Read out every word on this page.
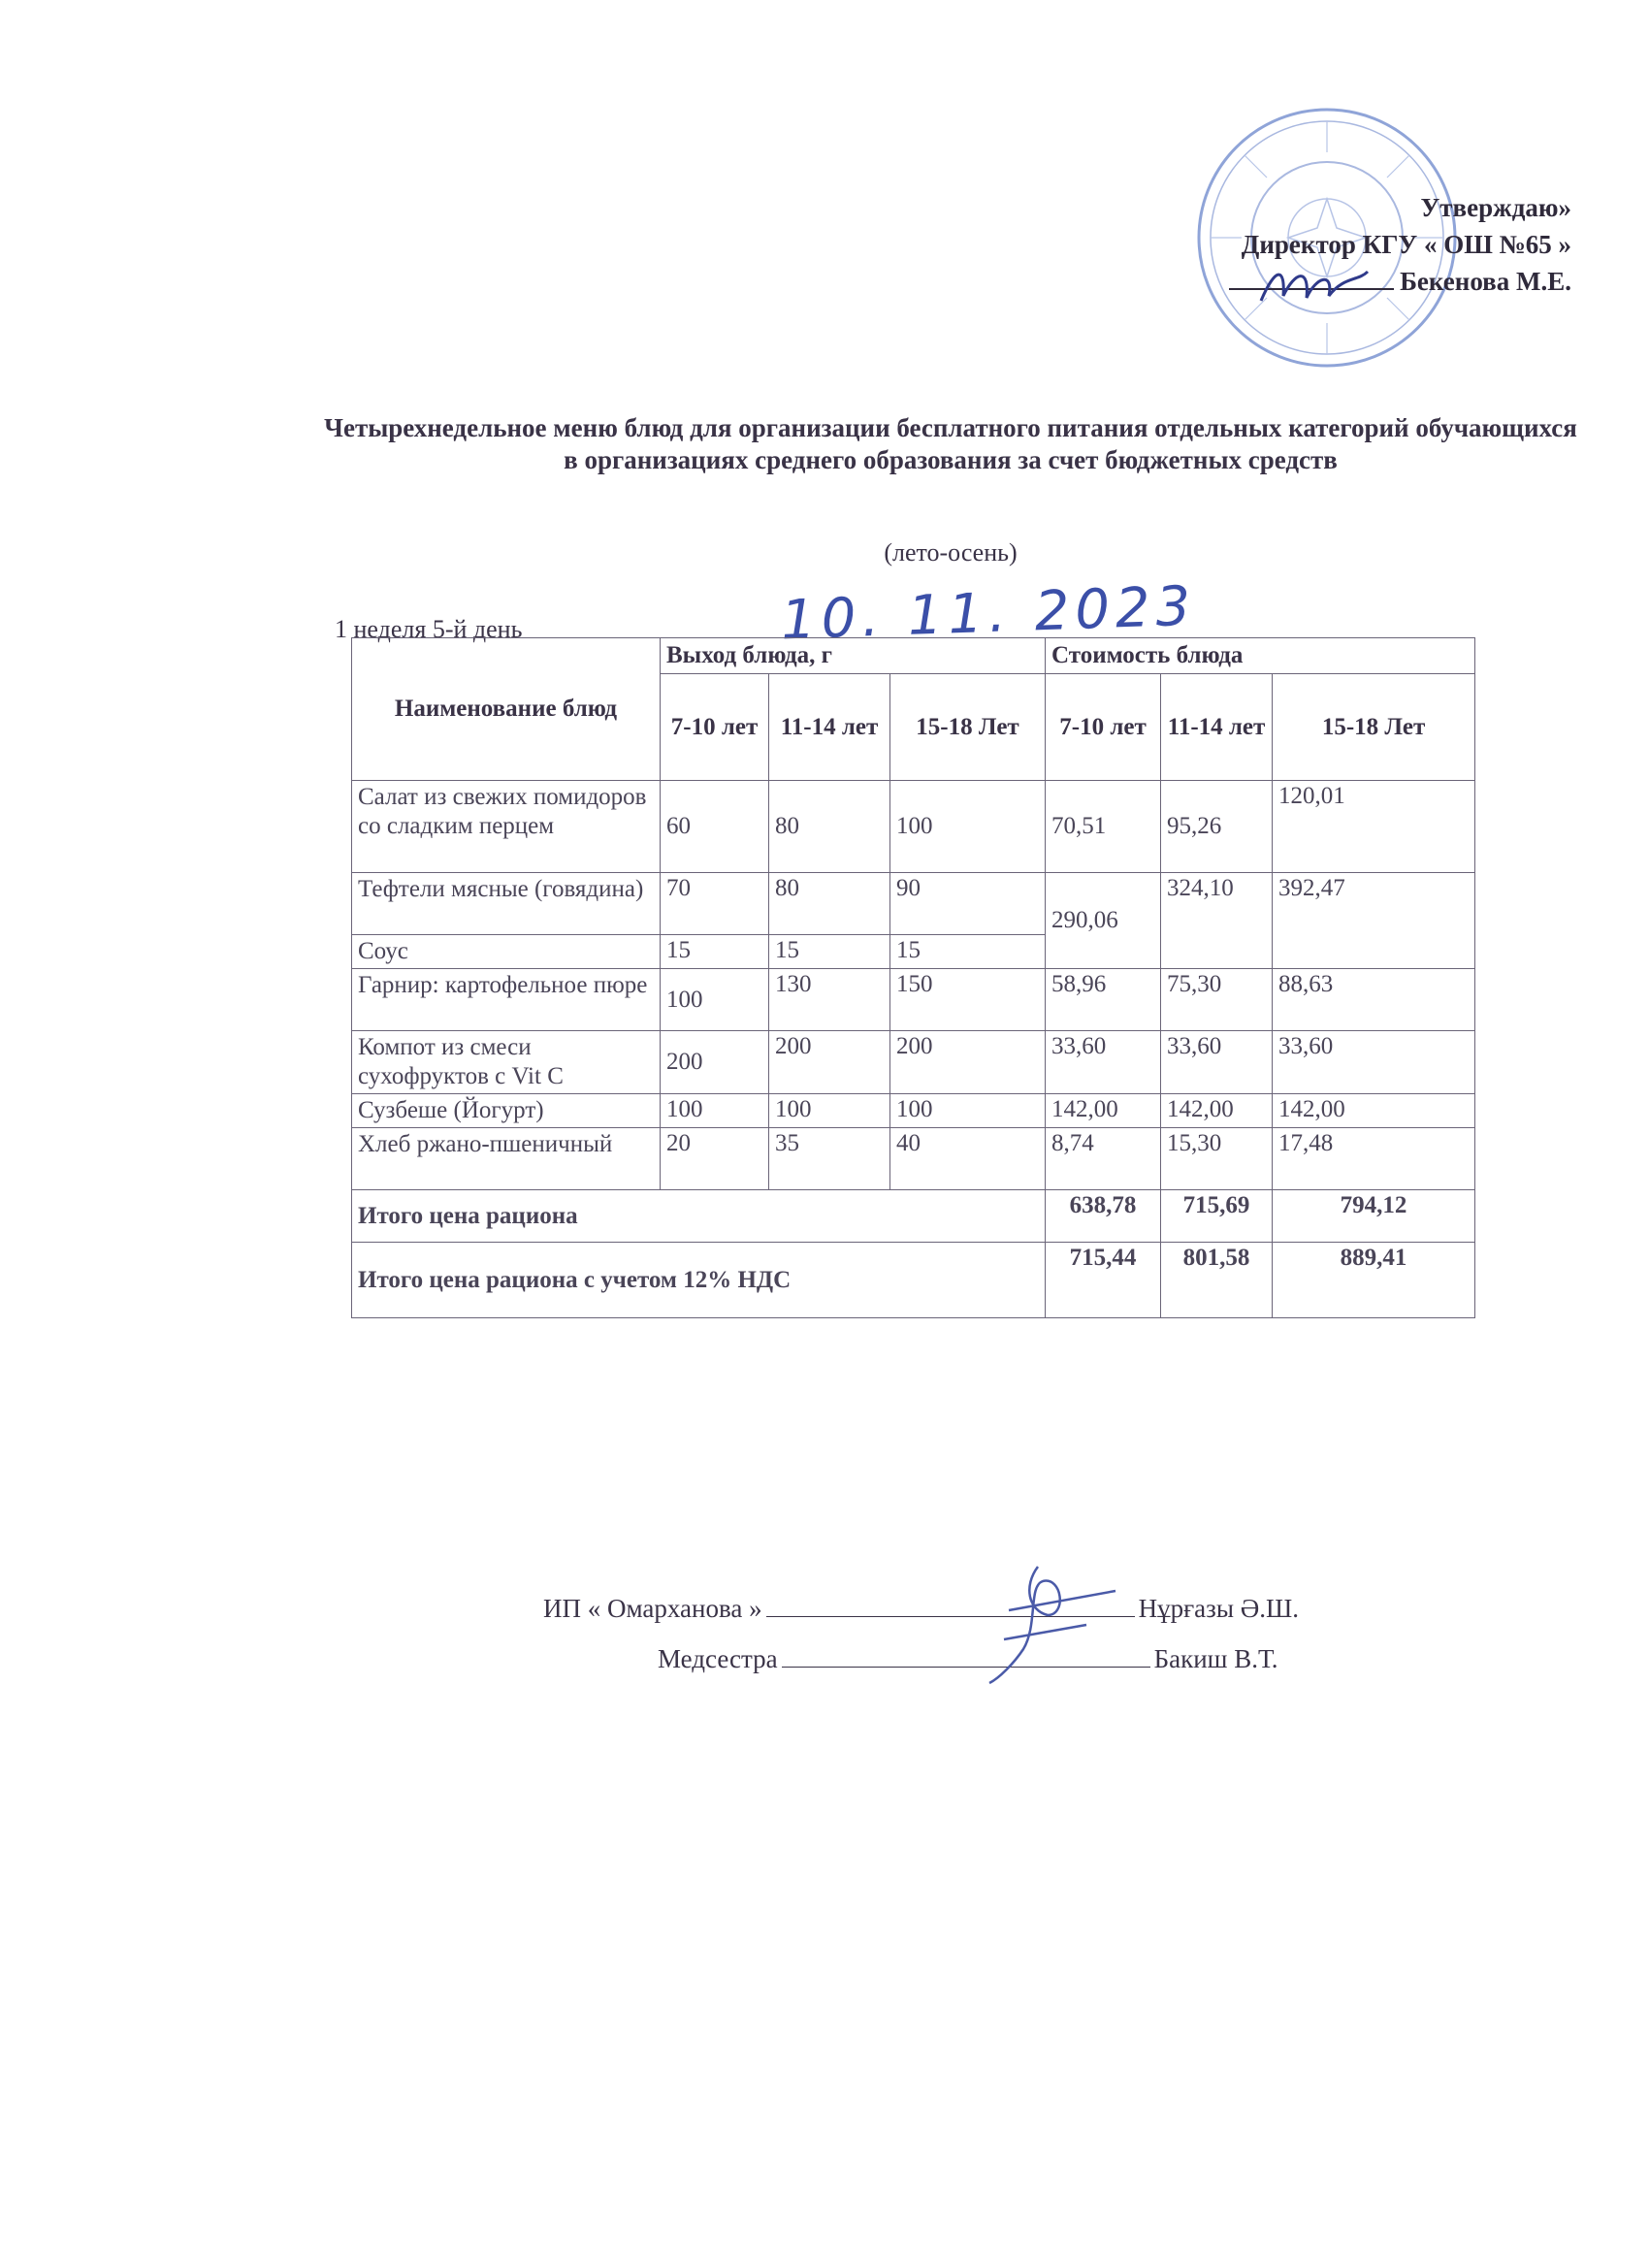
Утверждаю»
Директор КГУ « ОШ №65 »
Бекенова М.Е.
Четырехнедельное меню блюд для организации бесплатного питания отдельных категорий обучающихся в организациях среднего образования за счет бюджетных средств
(лето-осень)
1 неделя 5-й день	10. 11. 2023
Наименование блюд	Выход блюда, г			Стоимость блюда		
	7-10 лет	11-14 лет	15-18 Лет	7-10 лет	11-14 лет	15-18 Лет
Салат из свежих помидоров со сладким перцем	60	80	100	70,51	95,26	120,01
Тефтели мясные (говядина)	70	80	90	290,06	324,10	392,47
Соус	15	15	15			
Гарнир: картофельное пюре	100	130	150	58,96	75,30	88,63
Компот из смеси сухофруктов с Vit C	200	200	200	33,60	33,60	33,60
Сузбеше (Йогурт)	100	100	100	142,00	142,00	142,00
Хлеб ржано-пшеничный	20	35	40	8,74	15,30	17,48
Итого цена рациона				638,78	715,69	794,12
Итого цена рациона с учетом 12% НДС				715,44	801,58	889,41
ИП « Омарханова »	Нұрғазы Ә.Ш.
Медсестра	Бакиш В.Т.
